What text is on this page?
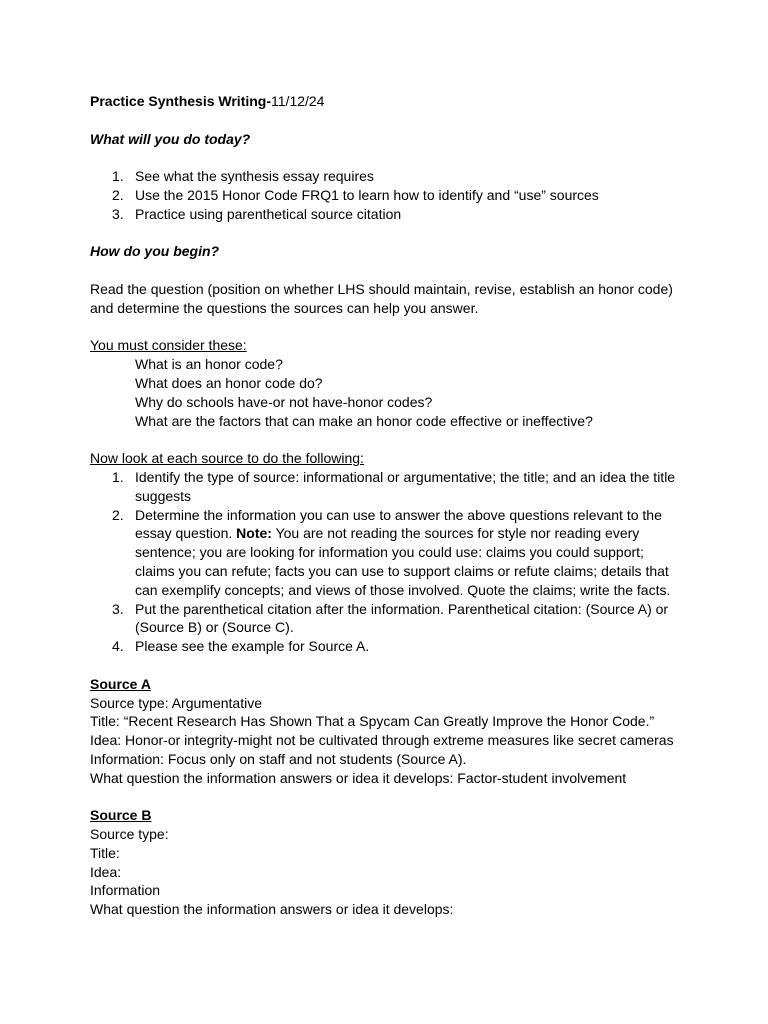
Practice Synthesis Writing-11/12/24

What will you do today?

1. See what the synthesis essay requires
2. Use the 2015 Honor Code FRQ1 to learn how to identify and “use” sources
3. Practice using parenthetical source citation

How do you begin?

Read the question (position on whether LHS should maintain, revise, establish an honor code)

and determine the questions the sources can help you answer.

You must consider these:

What is an honor code?

What does an honor code do?

Why do schools have-or not have-honor codes?

What are the factors that can make an honor code effective or ineffective?

Now look at each source to do the following:

1. Identify the type of source: informational or argumentative; the title; and an idea the title
suggests
2. Determine the information you can use to answer the above questions relevant to the
essay question. Note: You are not reading the sources for style nor reading every
sentence; you are looking for information you could use: claims you could support;
claims you can refute; facts you can use to support claims or refute claims; details that
can exemplify concepts; and views of those involved. Quote the claims; write the facts.
3. Put the parenthetical citation after the information. Parenthetical citation: (Source A) or
(Source B) or (Source C).
4. Please see the example for Source A.

Source A

Source type: Argumentative

Title: “Recent Research Has Shown That a Spycam Can Greatly Improve the Honor Code.”

Idea: Honor-or integrity-might not be cultivated through extreme measures like secret cameras

Information: Focus only on staff and not students (Source A).

What question the information answers or idea it develops: Factor-student involvement

Source B

Source type:

Title:

Idea:

Information

What question the information answers or idea it develops:
